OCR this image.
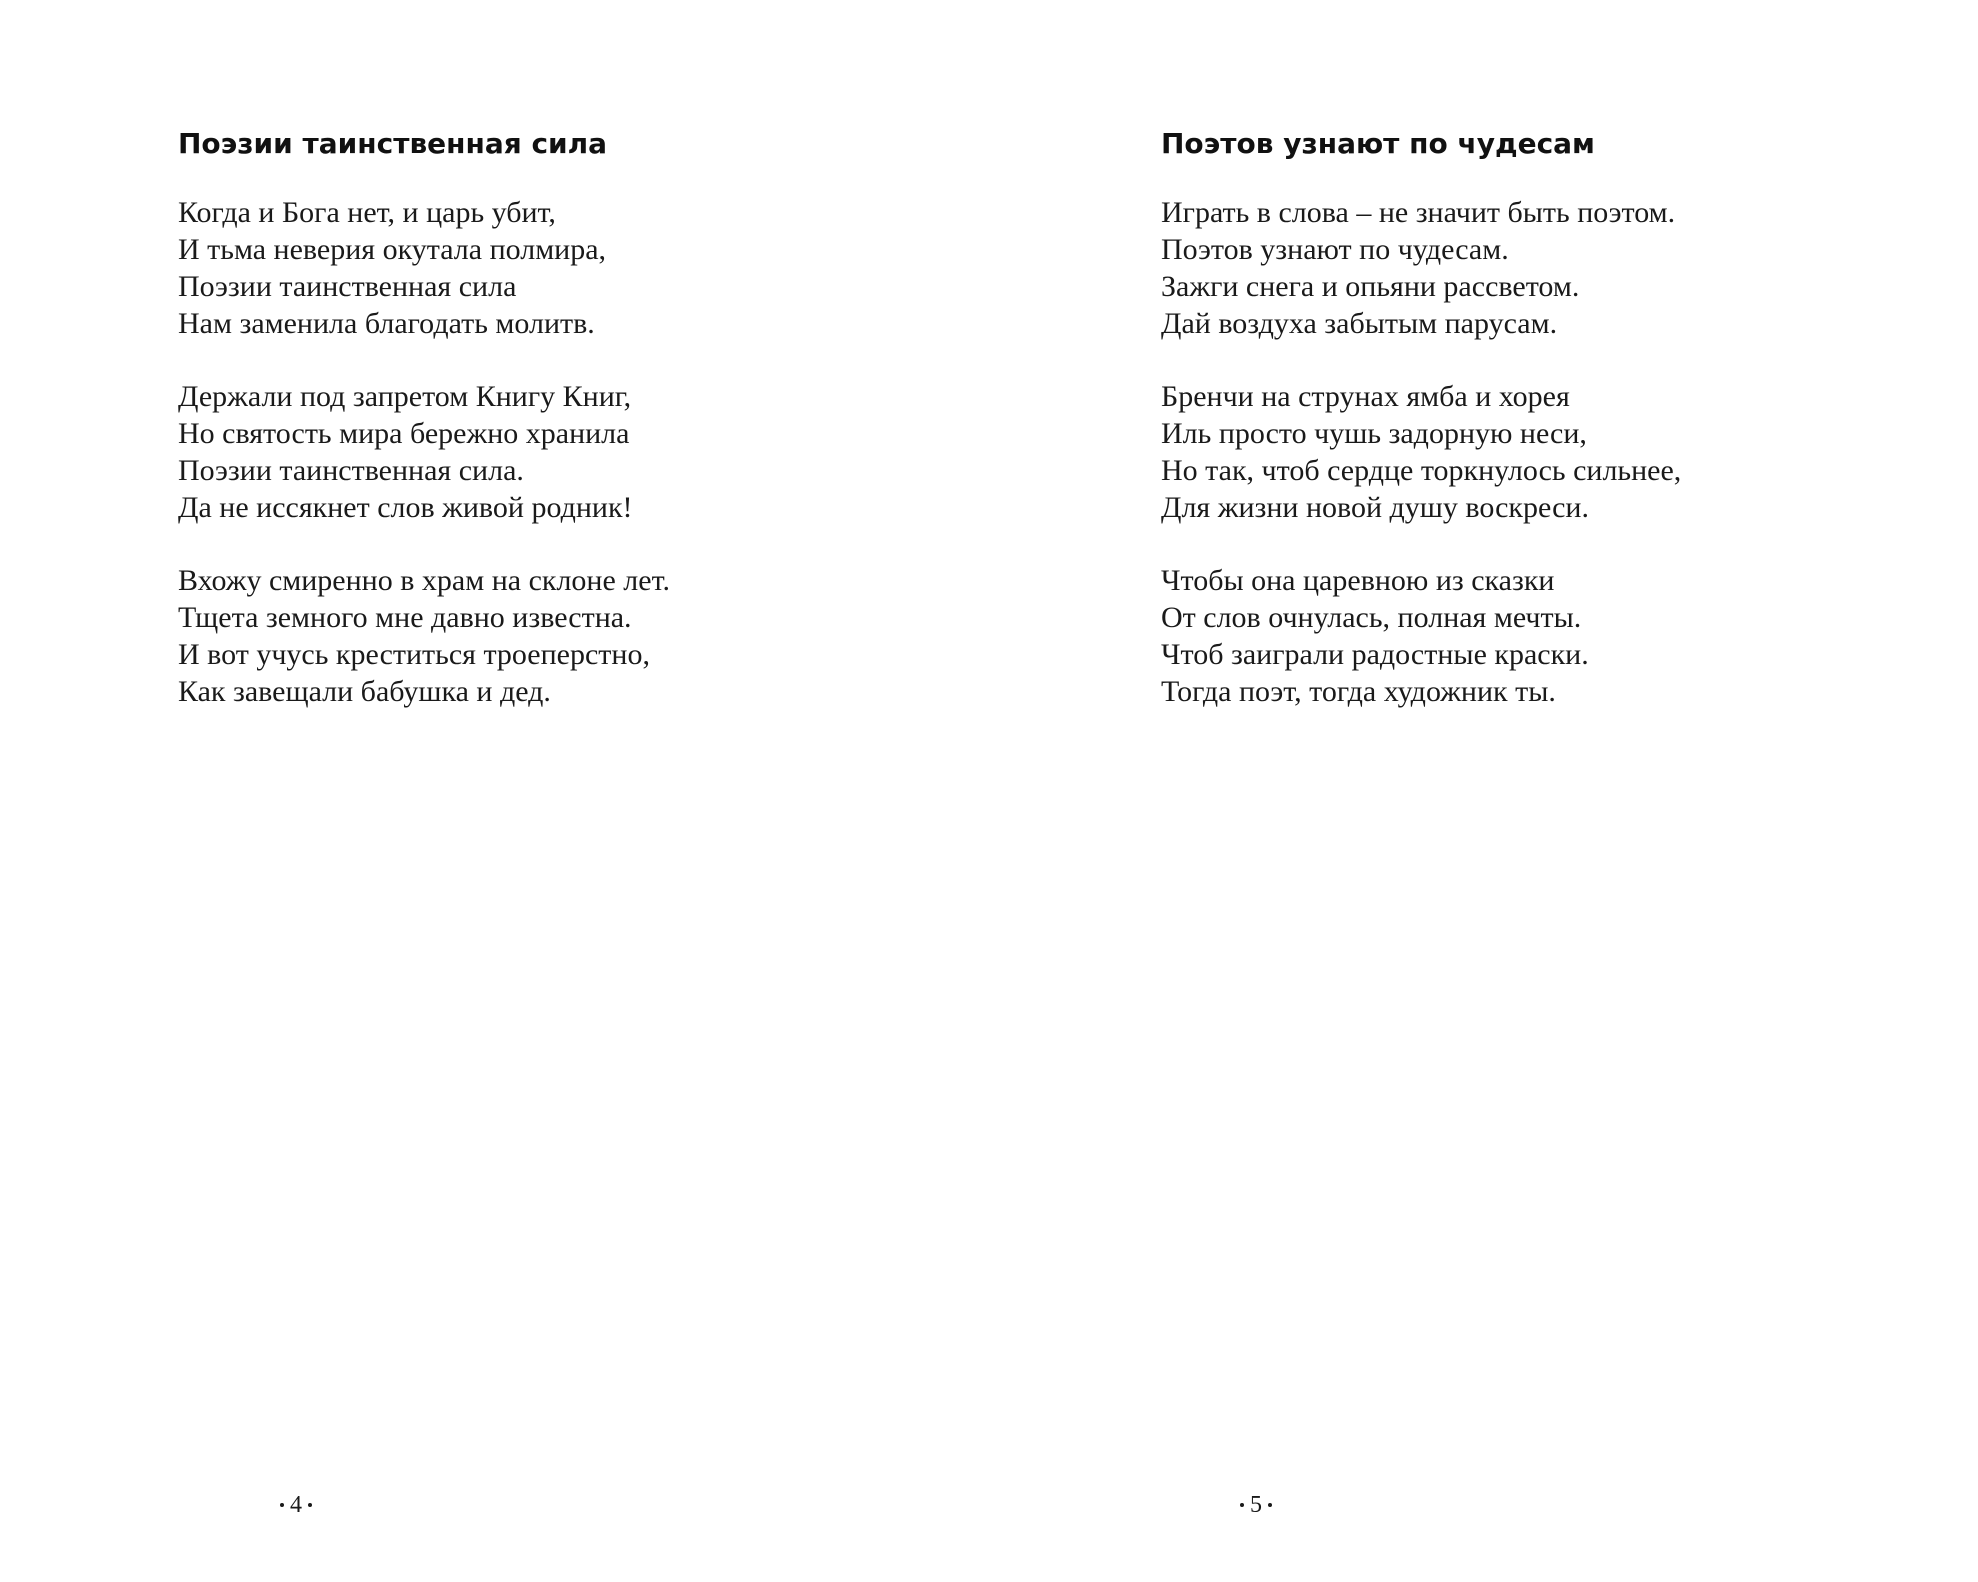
Поэзии таинственная сила
Когда и Бога нет, и царь убит,
И тьма неверия окутала полмира,
Поэзии таинственная сила
Нам заменила благодать молитв.
Держали под запретом Книгу Книг,
Но святость мира бережно хранила
Поэзии таинственная сила.
Да не иссякнет слов живой родник!
Вхожу смиренно в храм на склоне лет.
Тщета земного мне давно известна.
И вот учусь креститься троеперстно,
Как завещали бабушка и дед.
4
Поэтов узнают по чудесам
Играть в слова – не значит быть поэтом.
Поэтов узнают по чудесам.
Зажги снега и опьяни рассветом.
Дай воздуха забытым парусам.
Бренчи на струнах ямба и хорея
Иль просто чушь задорную неси,
Но так, чтоб сердце торкнулось сильнее,
Для жизни новой душу воскреси.
Чтобы она царевною из сказки
От слов очнулась, полная мечты.
Чтоб заиграли радостные краски.
Тогда поэт, тогда художник ты.
5
